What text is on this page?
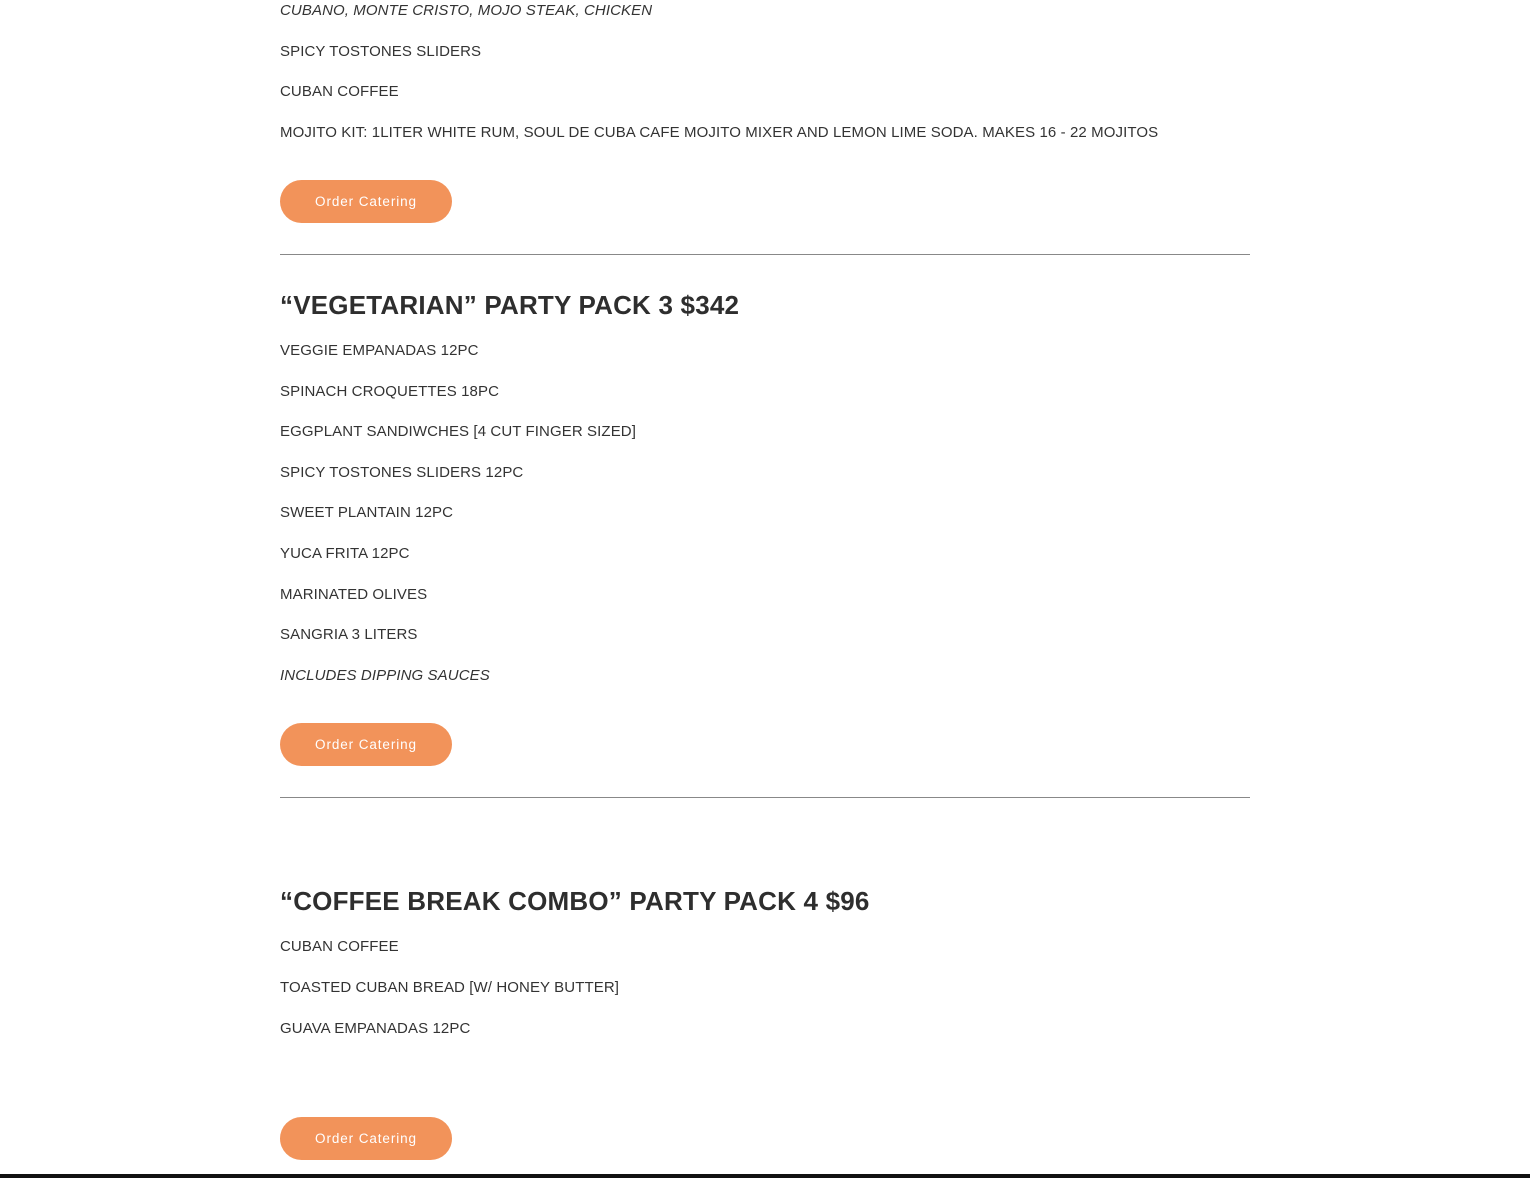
CUBANO, MONTE CRISTO, MOJO STEAK, CHICKEN
SPICY TOSTONES SLIDERS
CUBAN COFFEE
MOJITO KIT: 1LITER WHITE RUM, SOUL DE CUBA CAFE MOJITO MIXER AND LEMON LIME SODA. MAKES 16 - 22 MOJITOS
Order Catering
“VEGETARIAN” PARTY PACK 3 $342
VEGGIE EMPANADAS 12PC
SPINACH CROQUETTES 18PC
EGGPLANT SANDIWCHES [4 CUT FINGER SIZED]
SPICY TOSTONES SLIDERS 12PC
SWEET PLANTAIN 12PC
YUCA FRITA 12PC
MARINATED OLIVES
SANGRIA 3 LITERS
INCLUDES DIPPING SAUCES
Order Catering
“COFFEE BREAK COMBO” PARTY PACK 4 $96
CUBAN COFFEE
TOASTED CUBAN BREAD [W/ HONEY BUTTER]
GUAVA EMPANADAS 12PC
Order Catering
